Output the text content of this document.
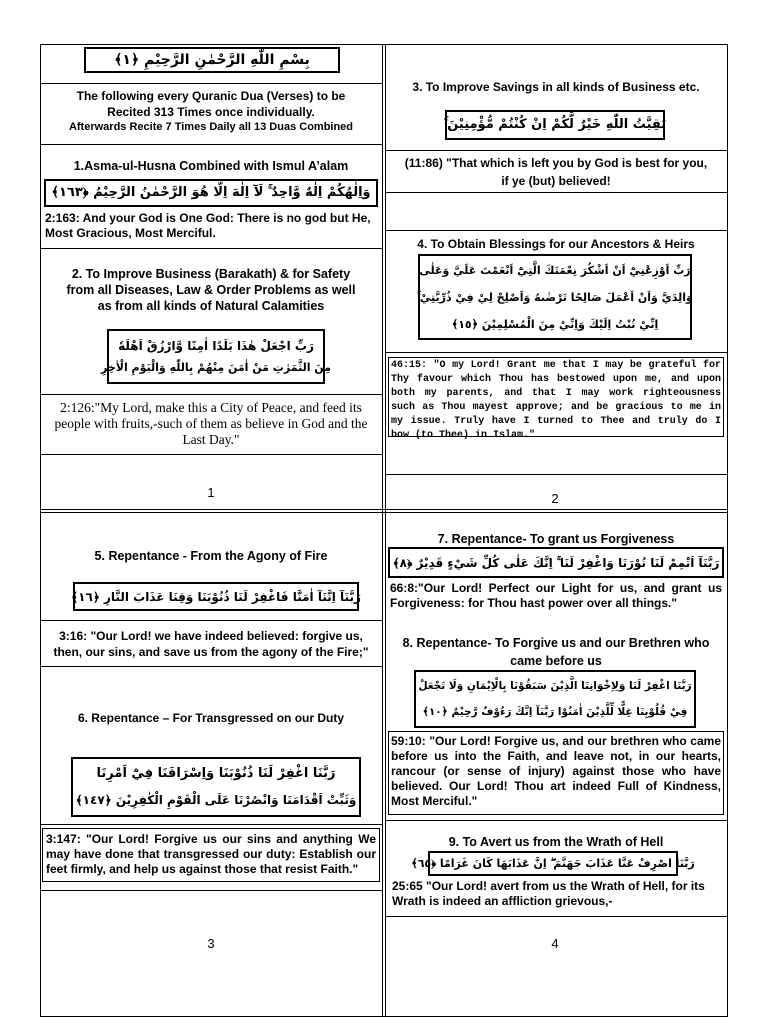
بِسْمِ اللّٰهِ الرَّحْمٰنِ الرَّحِيْمِ ﴿١﴾
The following every Quranic Dua (Verses) to be
Recited 313 Times once individually.
Afterwards Recite 7 Times Daily all 13 Duas Combined
1.Asma-ul-Husna Combined with Ismul A’alam
وَاِلٰهُكُمْ اِلٰهٌ وَّاحِدٌ ۚ لَآ اِلٰهَ اِلَّا هُوَ الرَّحْمٰنُ الرَّحِيْمُ ﴿١٦٣﴾
2:163: And your God is One God: There is no god but He, Most Gracious, Most Merciful.
2. To Improve Business (Barakath) & for Safety
from all Diseases, Law & Order Problems as well
as from all kinds of Natural Calamities
رَبِّ اجْعَلْ هٰذَا بَلَدًا اٰمِنًا وَّارْزُقْ اَهْلَهٗ
مِنَ الثَّمَرٰتِ مَنْ اٰمَنَ مِنْهُمْ بِاللّٰهِ وَالْيَوْمِ الْاٰخِرِ
2:126:"My Lord, make this a City of Peace, and feed its people with fruits,-such of them as believe in God and the Last Day."
1
3. To Improve Savings in all kinds of Business etc.
بَقِيَّتُ اللّٰهِ خَيْرٌ لَّكُمْ اِنْ كُنْتُمْ مُّؤْمِنِيْنَ ۚ
(11:86) "That which is left you by God is best for you,
if ye (but) believed!
4. To Obtain Blessings for our Ancestors & Heirs
رَبِّ اَوْزِعْنِيْٓ اَنْ اَشْكُرَ نِعْمَتَكَ الَّتِيْٓ اَنْعَمْتَ عَلَيَّ وَعَلٰى
وَالِدَيَّ وَاَنْ اَعْمَلَ صَالِحًا تَرْضٰىهُ وَاَصْلِحْ لِيْ فِيْ ذُرِّيَّتِيْ ۚ
اِنِّيْ تُبْتُ اِلَيْكَ وَاِنِّيْ مِنَ الْمُسْلِمِيْنَ ﴿١٥﴾
46:15: "O my Lord! Grant me that I may be grateful for Thy favour which Thou has bestowed upon me, and upon both my parents, and that I may work righteousness such as Thou mayest approve; and be gracious to me in my issue. Truly have I turned to Thee and truly do I bow (to Thee) in Islam."
2
5. Repentance - From the Agony of Fire
رَبَّنَآ اِنَّنَآ اٰمَنَّا فَاغْفِرْ لَنَا ذُنُوْبَنَا وَقِنَا عَذَابَ النَّارِ ﴿١٦﴾
3:16: "Our Lord! we have indeed believed: forgive us, then, our sins, and save us from the agony of the Fire;"
6. Repentance – For Transgressed on our Duty
رَبَّنَا اغْفِرْ لَنَا ذُنُوْبَنَا وَاِسْرَافَنَا فِيْٓ اَمْرِنَا
وَثَبِّتْ اَقْدَامَنَا وَانْصُرْنَا عَلَى الْقَوْمِ الْكٰفِرِيْنَ ﴿١٤٧﴾
3:147: "Our Lord! Forgive us our sins and anything We may have done that transgressed our duty: Establish our feet firmly, and help us against those that resist Faith."
3
7. Repentance- To grant us Forgiveness
رَبَّنَآ اَتْمِمْ لَنَا نُوْرَنَا وَاغْفِرْ لَنَا ۚ اِنَّكَ عَلٰى كُلِّ شَيْءٍ قَدِيْرٌ ﴿٨﴾
66:8:"Our Lord! Perfect our Light for us, and grant us Forgiveness: for Thou hast power over all things."
8. Repentance- To Forgive us and our Brethren who
came before us
رَبَّنَا اغْفِرْ لَنَا وَلِاِخْوَانِنَا الَّذِيْنَ سَبَقُوْنَا بِالْاِيْمَانِ وَلَا تَجْعَلْ
فِيْ قُلُوْبِنَا غِلًّا لِّلَّذِيْنَ اٰمَنُوْا رَبَّنَآ اِنَّكَ رَءُوْفٌ رَّحِيْمٌ ﴿١٠﴾
59:10: "Our Lord! Forgive us, and our brethren who came before us into the Faith, and leave not, in our hearts, rancour (or sense of injury) against those who have believed. Our Lord! Thou art indeed Full of Kindness, Most Merciful."
9. To Avert us from the Wrath of Hell
رَبَّنَا اصْرِفْ عَنَّا عَذَابَ جَهَنَّمَ ۖ اِنَّ عَذَابَهَا كَانَ غَرَامًا ﴿٦٥﴾
25:65 "Our Lord! avert from us the Wrath of Hell, for its Wrath is indeed an affliction grievous,-
4
